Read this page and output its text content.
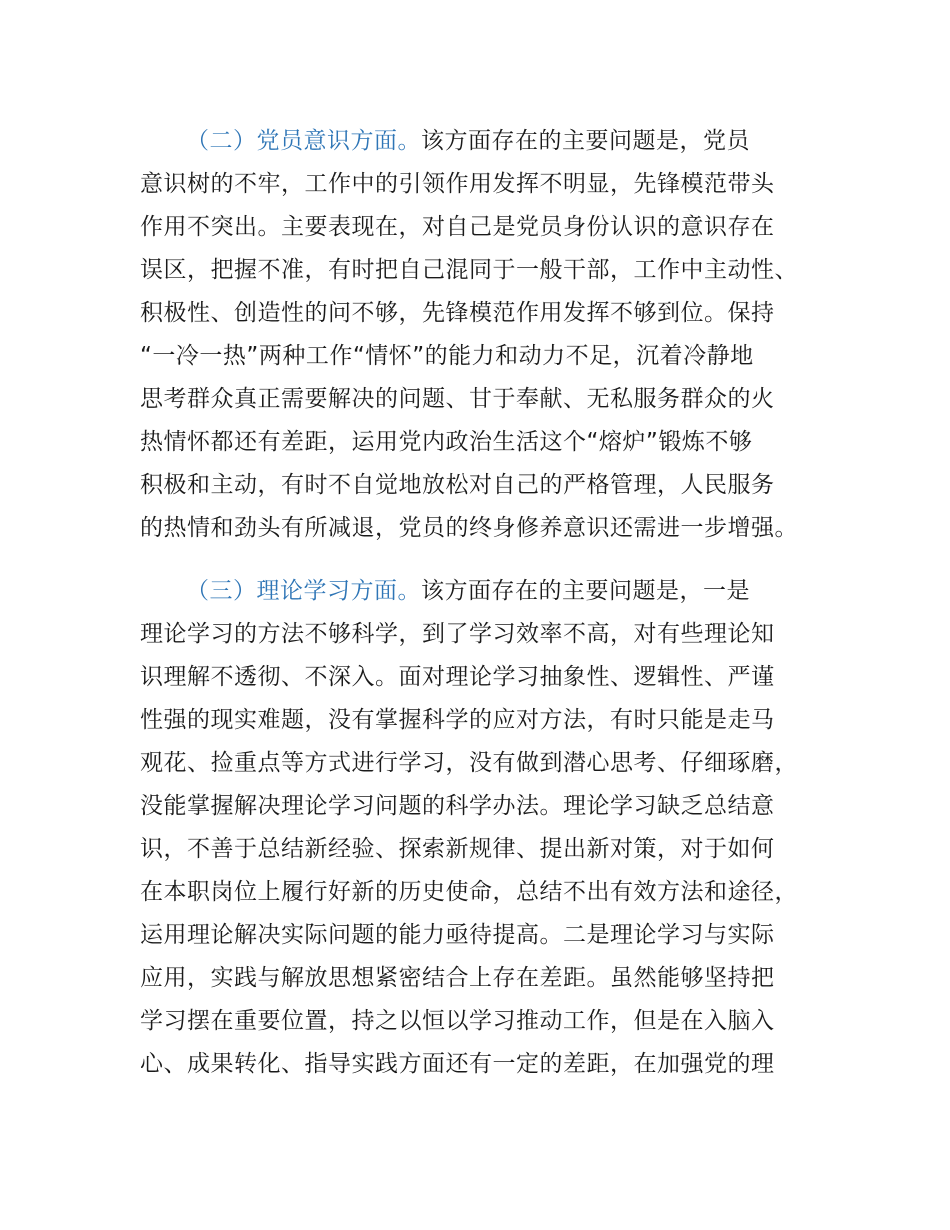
（二）党员意识方面。该方面存在的主要问题是，党员
意识树的不牢，工作中的引领作用发挥不明显，先锋模范带头
作用不突出。主要表现在，对自己是党员身份认识的意识存在
误区，把握不准，有时把自己混同于一般干部，工作中主动性、
积极性、创造性的问不够，先锋模范作用发挥不够到位。保持
“一冷一热”两种工作“情怀”的能力和动力不足，沉着冷静地
思考群众真正需要解决的问题、甘于奉献、无私服务群众的火
热情怀都还有差距，运用党内政治生活这个“熔炉”锻炼不够
积极和主动，有时不自觉地放松对自己的严格管理，人民服务
的热情和劲头有所减退，党员的终身修养意识还需进一步增强。
（三）理论学习方面。该方面存在的主要问题是，一是
理论学习的方法不够科学，到了学习效率不高，对有些理论知
识理解不透彻、不深入。面对理论学习抽象性、逻辑性、严谨
性强的现实难题，没有掌握科学的应对方法，有时只能是走马
观花、捡重点等方式进行学习，没有做到潜心思考、仔细琢磨，
没能掌握解决理论学习问题的科学办法。理论学习缺乏总结意
识，不善于总结新经验、探索新规律、提出新对策，对于如何
在本职岗位上履行好新的历史使命，总结不出有效方法和途径，
运用理论解决实际问题的能力亟待提高。二是理论学习与实际
应用，实践与解放思想紧密结合上存在差距。虽然能够坚持把
学习摆在重要位置，持之以恒以学习推动工作，但是在入脑入
心、成果转化、指导实践方面还有一定的差距，在加强党的理
